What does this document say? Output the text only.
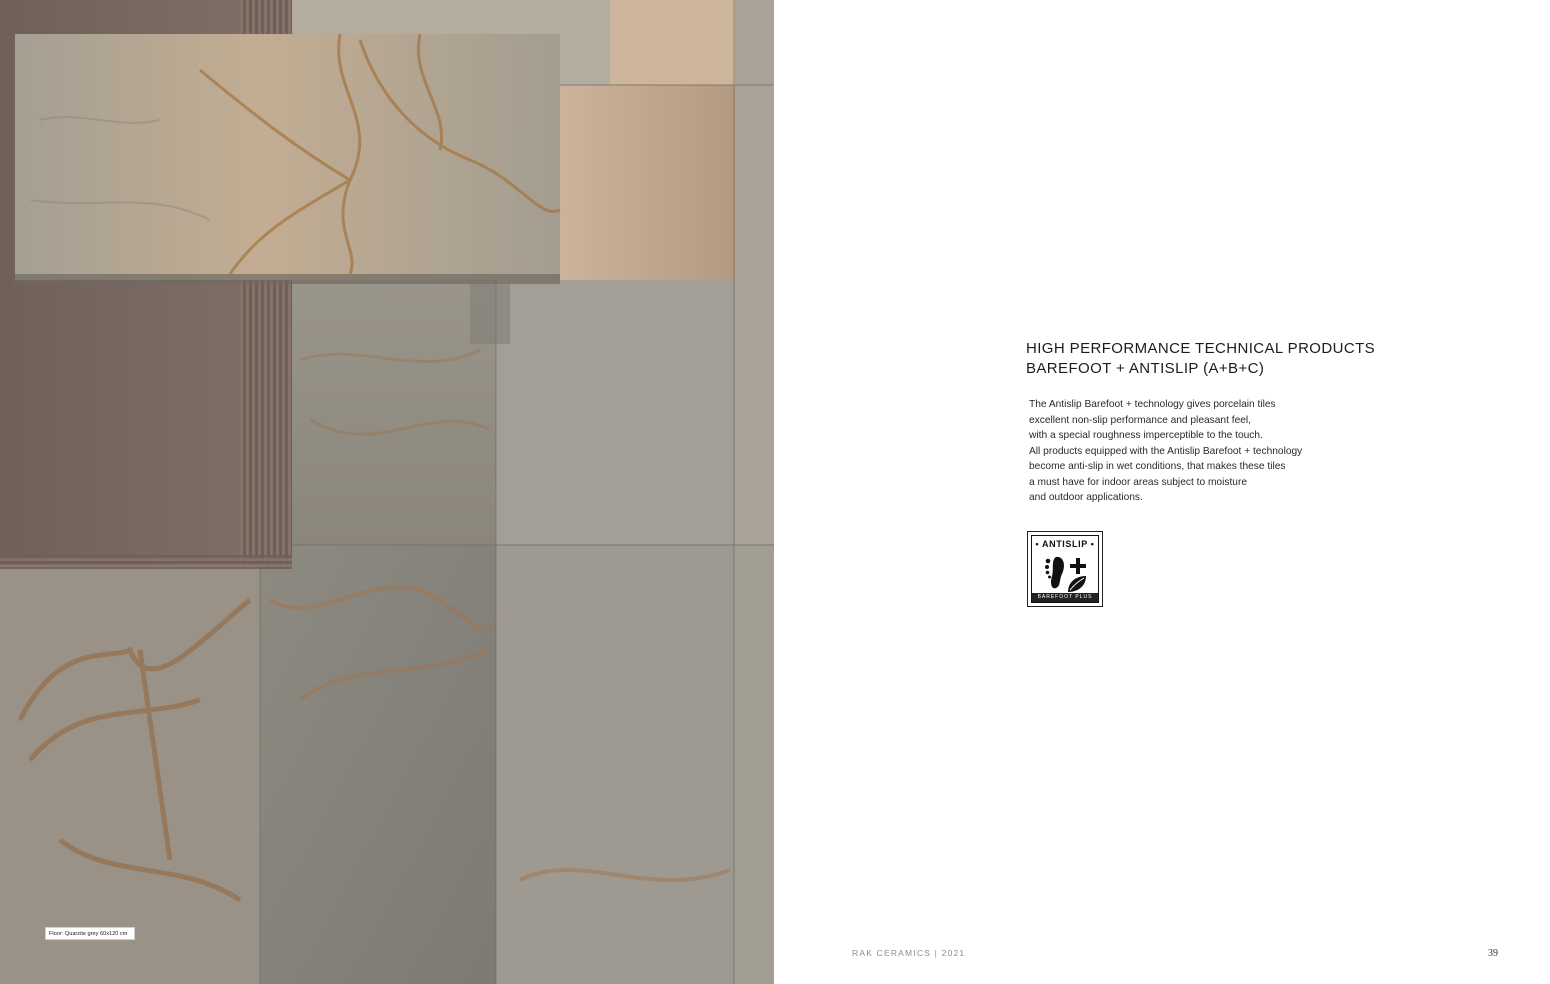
Floor: Quarzite grey 60x120 cm
HIGH PERFORMANCE TECHNICAL PRODUCTS
BAREFOOT + ANTISLIP (A+B+C)

The Antislip Barefoot + technology gives porcelain tiles
excellent non-slip performance and pleasant feel,
with a special roughness imperceptible to the touch.
All products equipped with the Antislip Barefoot + technology
become anti-slip in wet conditions, that makes these tiles
a must have for indoor areas subject to moisture
and outdoor applications.

• ANTISLIP •
BAREFOOT PLUS
RAK CERAMICS | 2021	39
